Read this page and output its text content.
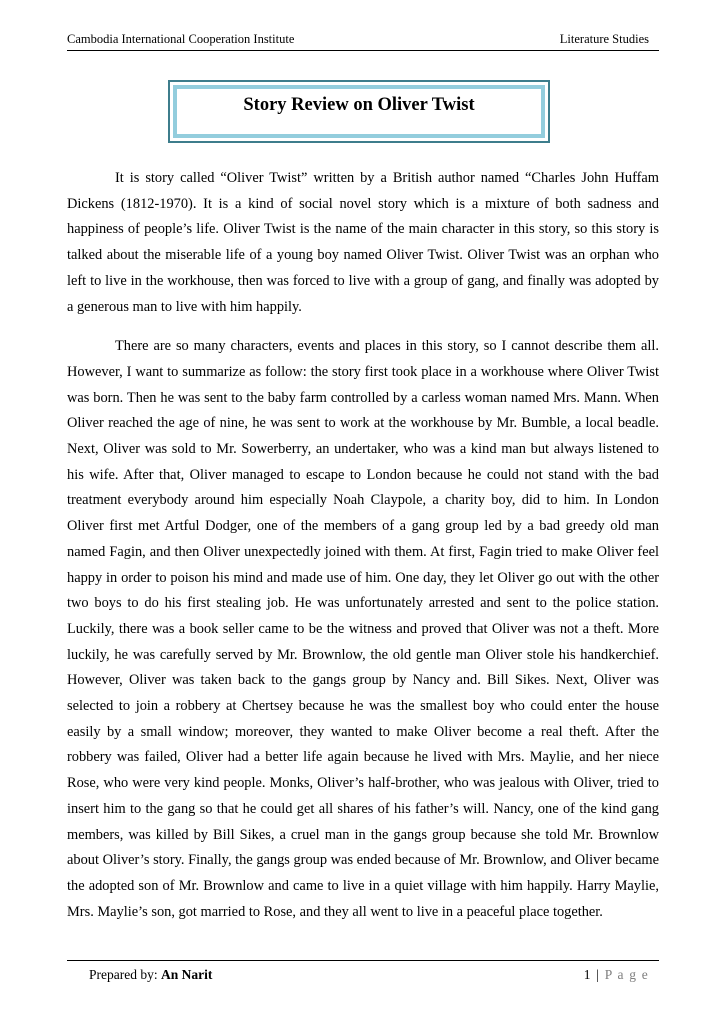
Cambodia International Cooperation Institute	Literature Studies
Story Review on Oliver Twist

It is story called “Oliver Twist” written by a British author named “Charles John Huffam Dickens (1812-1970). It is a kind of social novel story which is a mixture of both sadness and happiness of people’s life. Oliver Twist is the name of the main character in this story, so this story is talked about the miserable life of a young boy named Oliver Twist. Oliver Twist was an orphan who left to live in the workhouse, then was forced to live with a group of gang, and finally was adopted by a generous man to live with him happily.

There are so many characters, events and places in this story, so I cannot describe them all. However, I want to summarize as follow: the story first took place in a workhouse where Oliver Twist was born. Then he was sent to the baby farm controlled by a carless woman named Mrs. Mann. When Oliver reached the age of nine, he was sent to work at the workhouse by Mr. Bumble, a local beadle. Next, Oliver was sold to Mr. Sowerberry, an undertaker, who was a kind man but always listened to his wife. After that, Oliver managed to escape to London because he could not stand with the bad treatment everybody around him especially Noah Claypole, a charity boy, did to him. In London Oliver first met Artful Dodger, one of the members of a gang group led by a bad greedy old man named Fagin, and then Oliver unexpectedly joined with them. At first, Fagin tried to make Oliver feel happy in order to poison his mind and made use of him. One day, they let Oliver go out with the other two boys to do his first stealing job. He was unfortunately arrested and sent to the police station. Luckily, there was a book seller came to be the witness and proved that Oliver was not a theft. More luckily, he was carefully served by Mr. Brownlow, the old gentle man Oliver stole his handkerchief. However, Oliver was taken back to the gangs group by Nancy and. Bill Sikes. Next, Oliver was selected to join a robbery at Chertsey because he was the smallest boy who could enter the house easily by a small window; moreover, they wanted to make Oliver become a real theft. After the robbery was failed, Oliver had a better life again because he lived with Mrs. Maylie, and her niece Rose, who were very kind people. Monks, Oliver’s half-brother, who was jealous with Oliver, tried to insert him to the gang so that he could get all shares of his father’s will. Nancy, one of the kind gang members, was killed by Bill Sikes, a cruel man in the gangs group because she told Mr. Brownlow about Oliver’s story. Finally, the gangs group was ended because of Mr. Brownlow, and Oliver became the adopted son of Mr. Brownlow and came to live in a quiet village with him happily. Harry Maylie, Mrs. Maylie’s son, got married to Rose, and they all went to live in a peaceful place together.

Prepared by: An Narit	1 | P a g e
